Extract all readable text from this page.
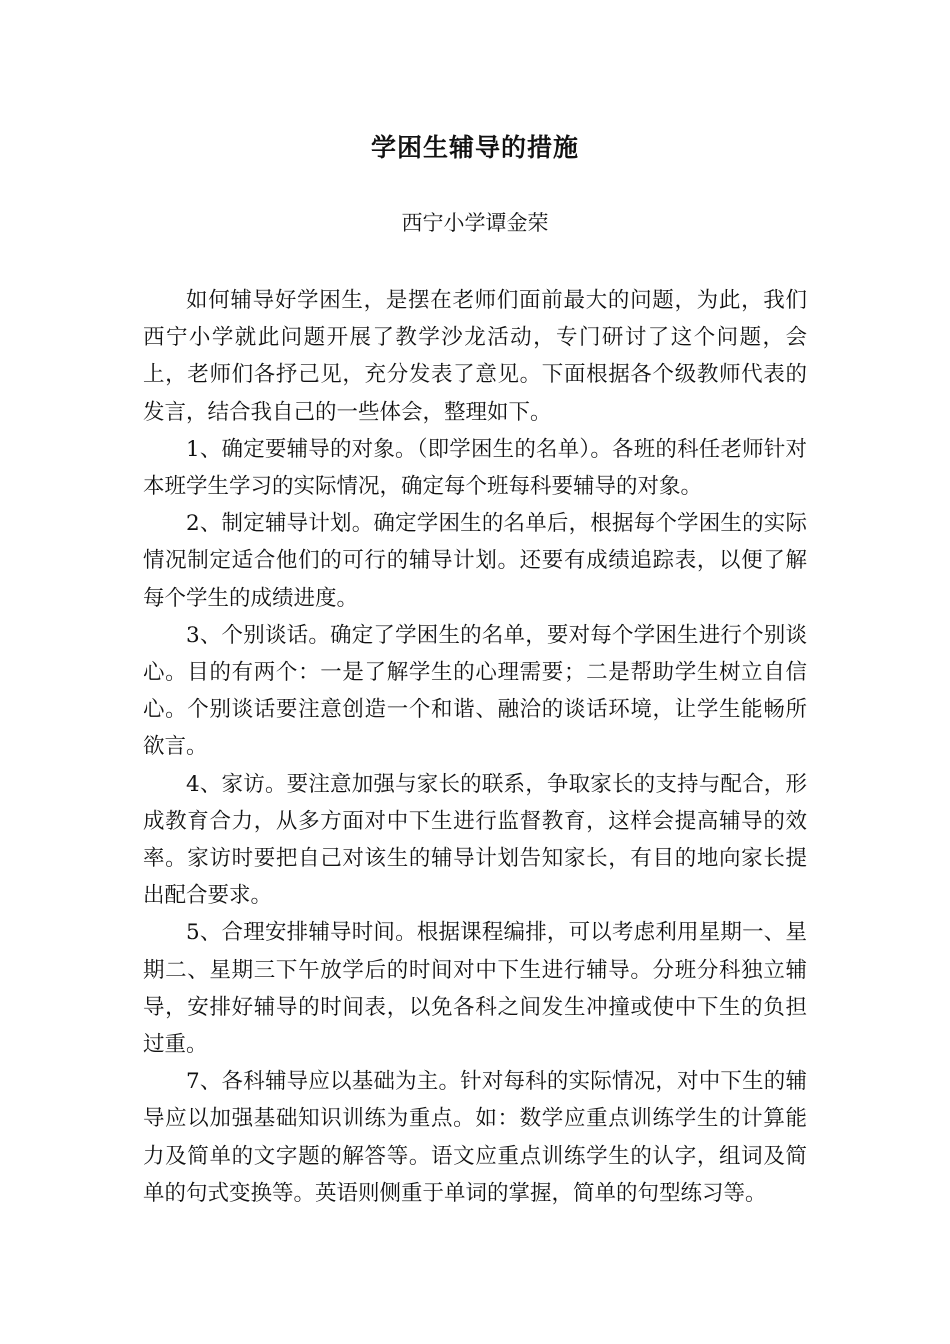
学困生辅导的措施
西宁小学谭金荣

如何辅导好学困生，是摆在老师们面前最大的问题，为此，我们西宁小学就此问题开展了教学沙龙活动，专门研讨了这个问题，会上，老师们各抒己见，充分发表了意见。下面根据各个级教师代表的发言，结合我自己的一些体会，整理如下。

1、确定要辅导的对象。（即学困生的名单）。各班的科任老师针对本班学生学习的实际情况，确定每个班每科要辅导的对象。

2、制定辅导计划。确定学困生的名单后，根据每个学困生的实际情况制定适合他们的可行的辅导计划。还要有成绩追踪表，以便了解每个学生的成绩进度。

3、个别谈话。确定了学困生的名单，要对每个学困生进行个别谈心。目的有两个：一是了解学生的心理需要；二是帮助学生树立自信心。个别谈话要注意创造一个和谐、融洽的谈话环境，让学生能畅所欲言。

4、家访。要注意加强与家长的联系，争取家长的支持与配合，形成教育合力，从多方面对中下生进行监督教育，这样会提高辅导的效率。家访时要把自己对该生的辅导计划告知家长，有目的地向家长提出配合要求。

5、合理安排辅导时间。根据课程编排，可以考虑利用星期一、星期二、星期三下午放学后的时间对中下生进行辅导。分班分科独立辅导，安排好辅导的时间表，以免各科之间发生冲撞或使中下生的负担过重。

7、各科辅导应以基础为主。针对每科的实际情况，对中下生的辅导应以加强基础知识训练为重点。如：数学应重点训练学生的计算能力及简单的文字题的解答等。语文应重点训练学生的认字，组词及简单的句式变换等。英语则侧重于单词的掌握，简单的句型练习等。
